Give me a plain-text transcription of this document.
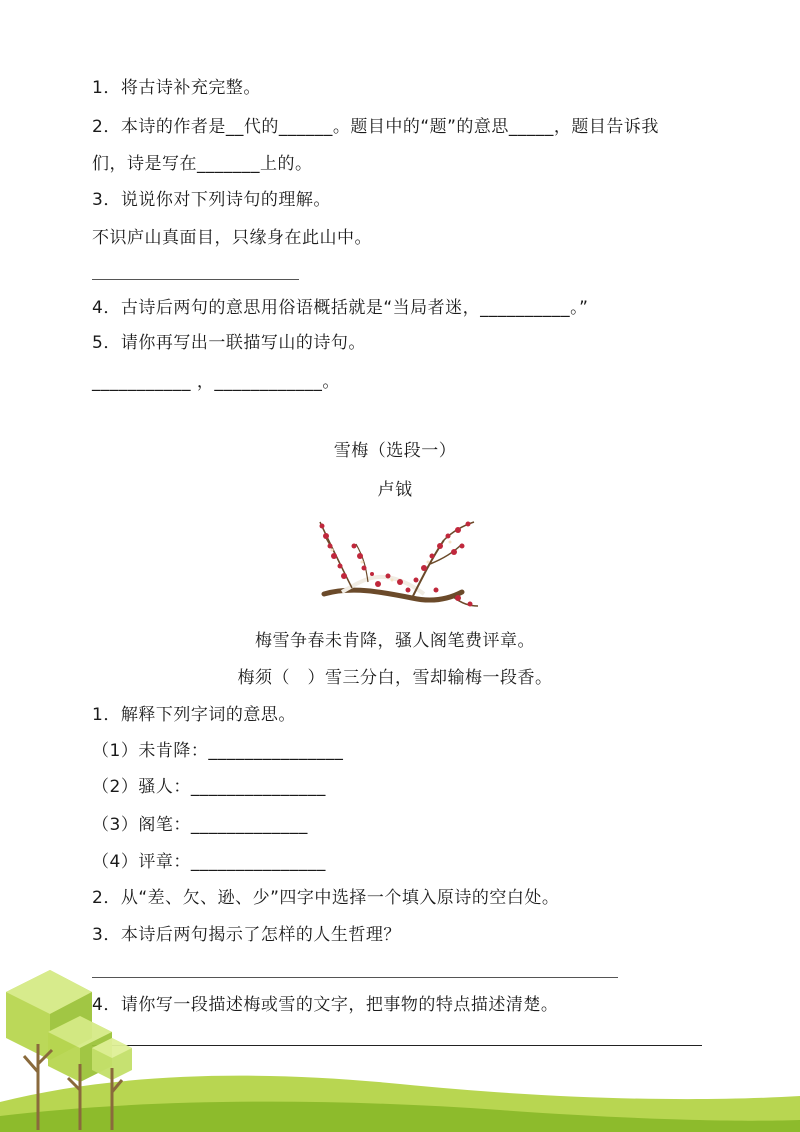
1．将古诗补充完整。
2．本诗的作者是__代的______。题目中的“题”的意思_____，题目告诉我
们，诗是写在_______上的。
3．说说你对下列诗句的理解。
不识庐山真面目，只缘身在此山中。
4．古诗后两句的意思用俗语概括就是“当局者迷，__________。”
5．请你再写出一联描写山的诗句。
___________ ，____________。
雪梅（选段一）
卢钺
梅雪争春未肯降，骚人阁笔费评章。
梅须（　）雪三分白，雪却输梅一段香。
1．解释下列字词的意思。
（1）未肯降：_______________
（2）骚人：_______________
（3）阁笔：_____________
（4）评章：_______________
2．从“差、欠、逊、少”四字中选择一个填入原诗的空白处。
3．本诗后两句揭示了怎样的人生哲理？
4．请你写一段描述梅或雪的文字，把事物的特点描述清楚。
